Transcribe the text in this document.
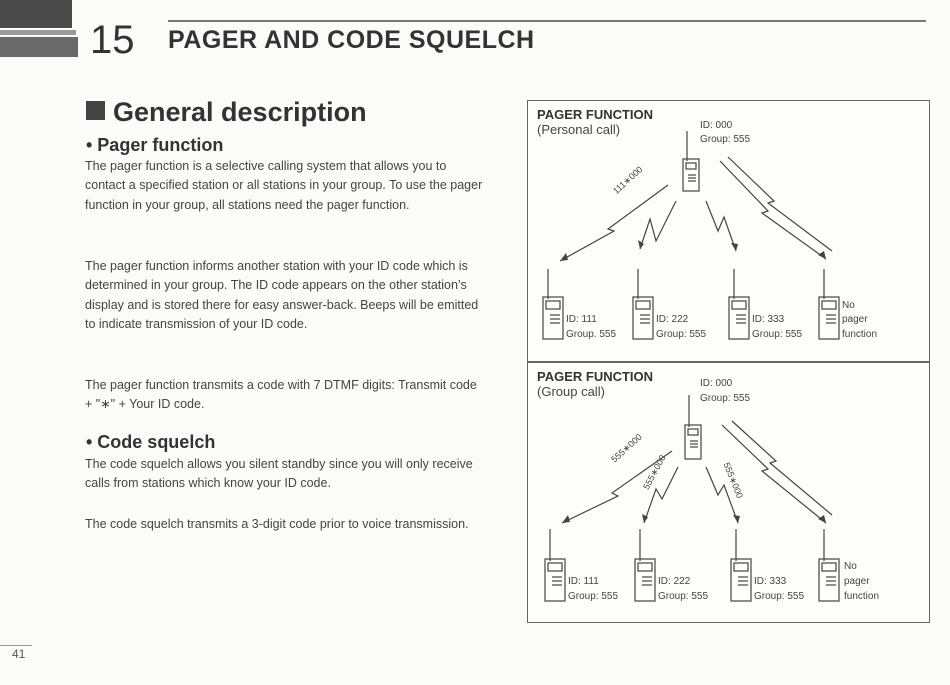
15 PAGER AND CODE SQUELCH
General description
• Pager function
The pager function is a selective calling system that allows you to contact a specified station or all stations in your group. To use the pager function in your group, all stations need the pager function.
The pager function informs another station with your ID code which is determined in your group. The ID code appears on the other station’s display and is stored there for easy answer-back. Beeps will be emitted to indicate transmission of your ID code.
The pager function transmits a code with 7 DTMF digits: Transmit code + "∗" + Your ID code.
• Code squelch
The code squelch allows you silent standby since you will only receive calls from stations which know your ID code.
The code squelch transmits a 3-digit code prior to voice transmission.
41
PAGER FUNCTION
(Personal call)	ID: 000
Group: 555
111∗000
ID: 111
Group. 555
ID: 222
Group: 555
ID: 333
Group: 555
No
pager
function
PAGER FUNCTION
(Group call)
ID: 000
Group: 555
555∗000
555∗000	555∗000
ID: 111
Group: 555
ID: 222
Group: 555
ID: 333
Group: 555
No
pager
function
